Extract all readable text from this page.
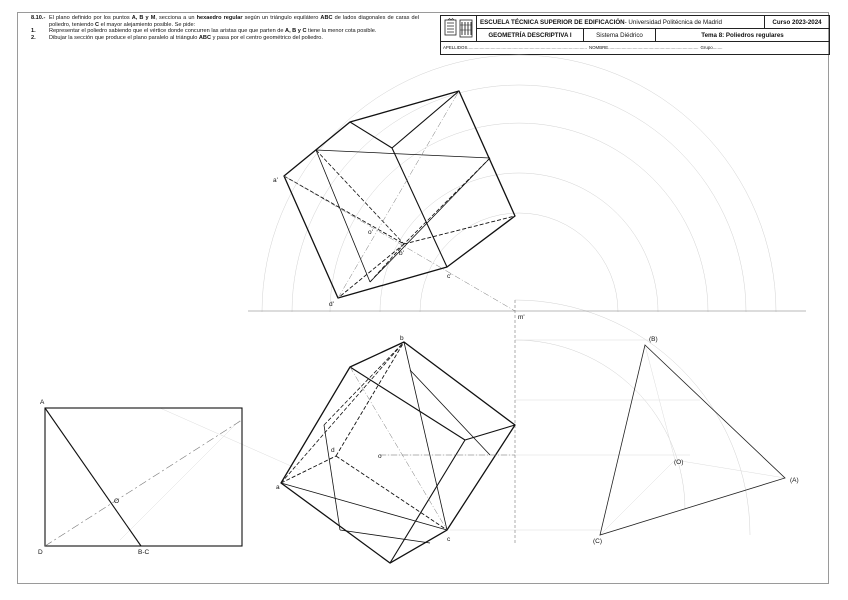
8.10.- El plano definido por los puntos A, B y M, secciona a un hexaedro regular según un triángulo equilátero ABC de lados diagonales de caras del poliedro, teniendo C el mayor alejamiento posible. Se pide:
1.	Representar el poliedro sabiendo que el vértice donde concurren las aristas que que parten de A, B y C tiene la menor cota posible.
2.	Dibujar la sección que produce el plano paralelo al triángulo ABC y pasa por el centro geométrico del poliedro.
ESCUELA TÉCNICA SUPERIOR DE EDIFICACIÓN - Universidad Politécnica de Madrid	Curso 2023-2024
GEOMETRÍA DESCRIPTIVA I	Sistema Diédrico	Tema 8: Poliedros regulares
APELLIDOS .................................................................................................. NOMBRE .......................................................................... Grupo ........
a'
b'
c'
d'
o'
m'
a
b
c
d
o
A
D
O
B-C
(B)
(A)
(C)
(O)
